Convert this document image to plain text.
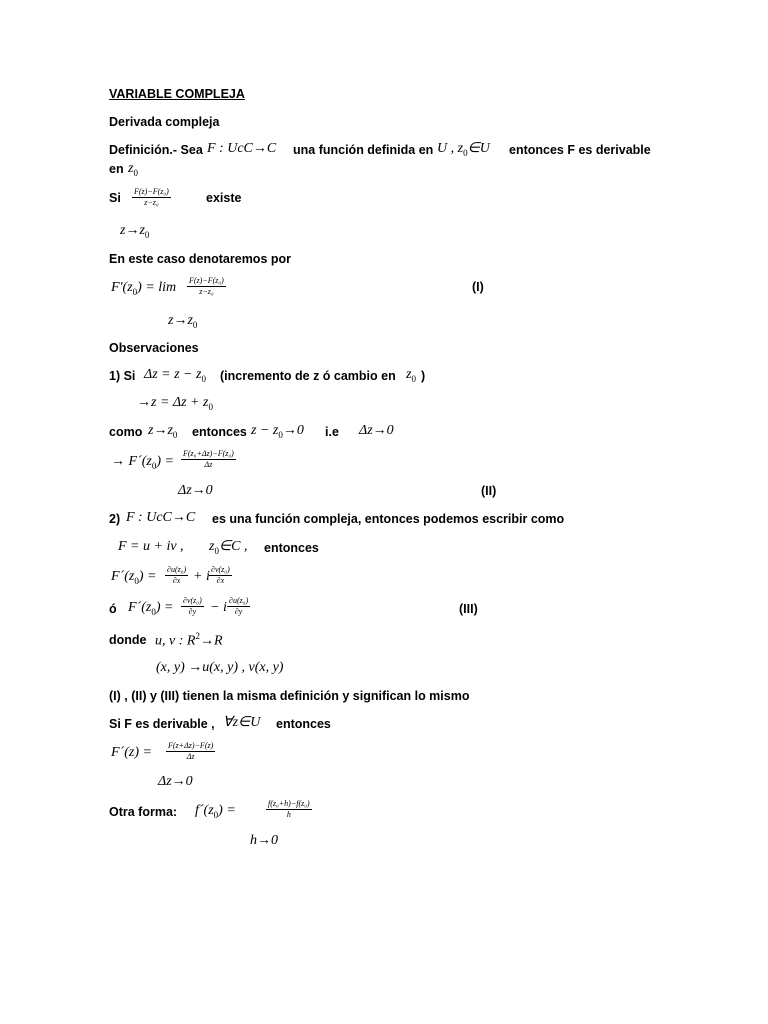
VARIABLE COMPLEJA
Derivada compleja
Definición.- Sea F : UcC→C una función definida en U , $z_0\in U$ entonces F es derivable
en $z_0$
Si $\frac{\text{F(z)−F(z₀)}}{\text{z−z₀}}$	existe
$z\to z_0$
En este caso denotaremos por
$F'(z_0) = \lim \frac{\text{F(z)−F(z₀)}}{\text{z−z₀}}$	(I)
$z\to z_0$
Observaciones
1) Si $\Delta z = z - z_0$ (incremento de z ó cambio en $z_0$ )
$\to z = \Delta z + z_0$
como $z\to z_0$ entonces $z - z_0\to 0$ i.e Δz→0
→ $F´(z_0) = \frac{\text{F(z₀+Δz)−F(z₀)}}{\Delta z}$
Δz→0	(II)
2) F : UcC→C es una función compleja, entonces podemos escribir como
F = u + iv , $z_0\in C$ , entonces
$F´(z_0) = \frac{\text{∂u(z₀)}}{\partial x} + i \frac{\text{∂v(z₀)}}{\partial x}$
ó $F´(z_0) = \frac{\text{∂v(z₀)}}{\partial y} - i \frac{\text{∂u(z₀)}}{\partial y}$	(III)
donde u, v : $R^2\to R$
(x, y) →u(x, y) , v(x, y)
(I) , (II) y (III) tienen la misma definición y significan lo mismo
Si F es derivable , ∀z∈U entonces
F´(z) = $\frac{F(z+\Delta z)-F(z)}{\Delta z}$
Δz→0
Otra forma: $f´(z_0)$ =	$\frac{\text{f(z₀+h)−f(z₀)}}{h}$
h→0
